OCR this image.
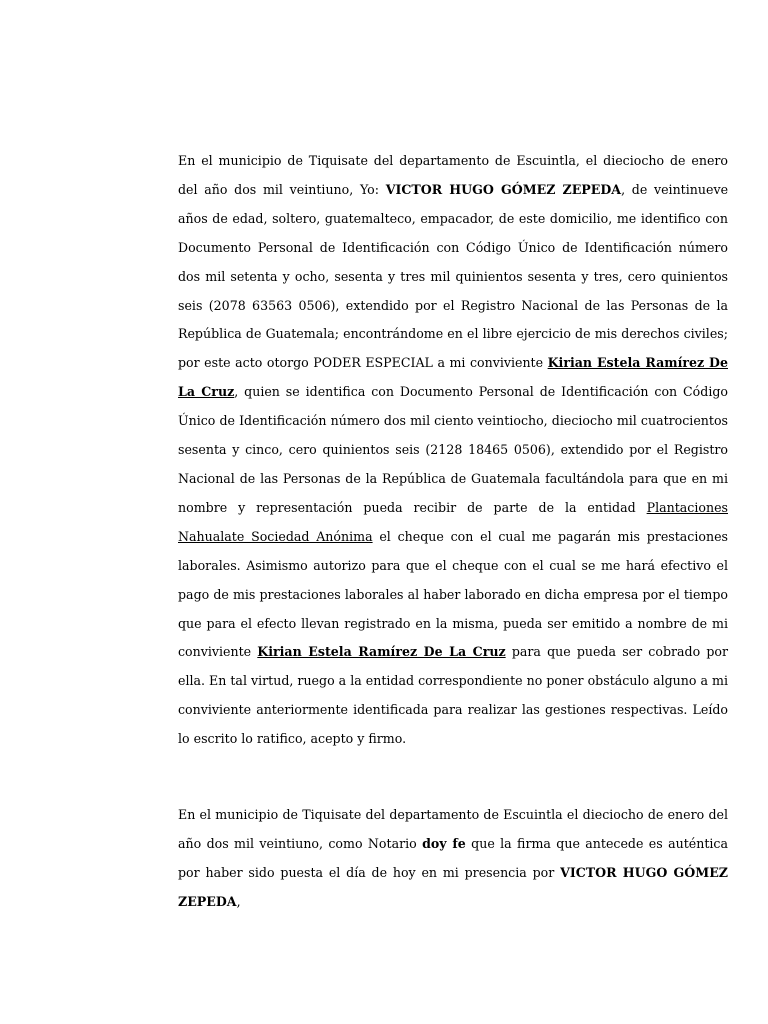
En el municipio de Tiquisate del departamento de Escuintla, el dieciocho de enero del año dos mil veintiuno, Yo: VICTOR HUGO GÓMEZ ZEPEDA, de veintinueve años de edad, soltero, guatemalteco, empacador, de este domicilio, me identifico con Documento Personal de Identificación con Código Único de Identificación número dos mil setenta y ocho, sesenta y tres mil quinientos sesenta y tres, cero quinientos seis (2078 63563 0506), extendido por el Registro Nacional de las Personas de la República de Guatemala; encontrándome en el libre ejercicio de mis derechos civiles; por este acto otorgo PODER ESPECIAL a mi conviviente Kirian Estela Ramírez De La Cruz, quien se identifica con Documento Personal de Identificación con Código Único de Identificación número dos mil ciento veintiocho, dieciocho mil cuatrocientos sesenta y cinco, cero quinientos seis (2128 18465 0506), extendido por el Registro Nacional de las Personas de la República de Guatemala facultándola para que en mi nombre y representación pueda recibir de parte de la entidad Plantaciones Nahualate Sociedad Anónima el cheque con el cual me pagarán mis prestaciones laborales. Asimismo autorizo para que el cheque con el cual se me hará efectivo el pago de mis prestaciones laborales al haber laborado en dicha empresa por el tiempo que para el efecto llevan registrado en la misma, pueda ser emitido a nombre de mi conviviente Kirian Estela Ramírez De La Cruz para que pueda ser cobrado por ella. En tal virtud, ruego a la entidad correspondiente no poner obstáculo alguno a mi conviviente anteriormente identificada para realizar las gestiones respectivas. Leído lo escrito lo ratifico, acepto y firmo.

En el municipio de Tiquisate del departamento de Escuintla el dieciocho de enero del año dos mil veintiuno, como Notario doy fe que la firma que antecede es auténtica por haber sido puesta el día de hoy en mi presencia por VICTOR HUGO GÓMEZ ZEPEDA,
